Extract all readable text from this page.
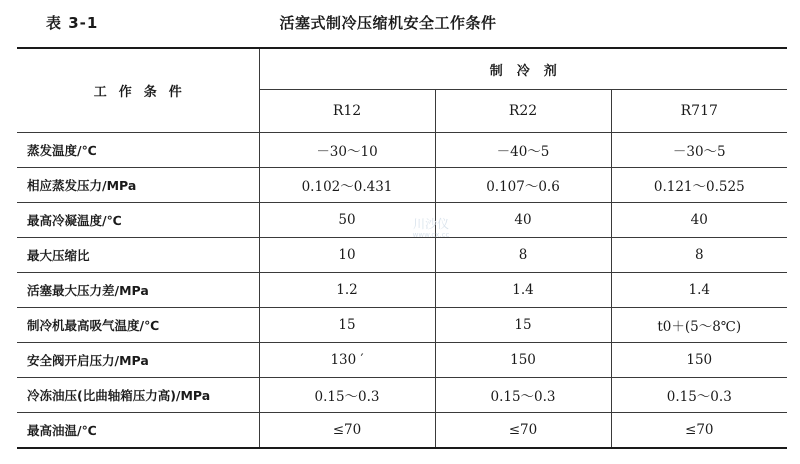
表 3-1	活塞式制冷压缩机安全工作条件
工作条件	制冷剂		
	R12	R22	R717
蒸发温度/℃	－30～10	－40～5	－30～5
相应蒸发压力/MPa	0.102～0.431	0.107～0.6	0.121～0.525
最高冷凝温度/℃	50	40	40
最大压缩比	10	8	8
活塞最大压力差/MPa	1.2	1.4	1.4
制冷机最高吸气温度/℃	15	15	t0＋(5～8℃)
安全阀开启压力/MPa	130 ′	150	150
冷冻油压(比曲轴箱压力高)/MPa	0.15～0.3	0.15～0.3	0.15～0.3
最高油温/℃	≤70	≤70	≤70
川沙仪
www.cx.cc
